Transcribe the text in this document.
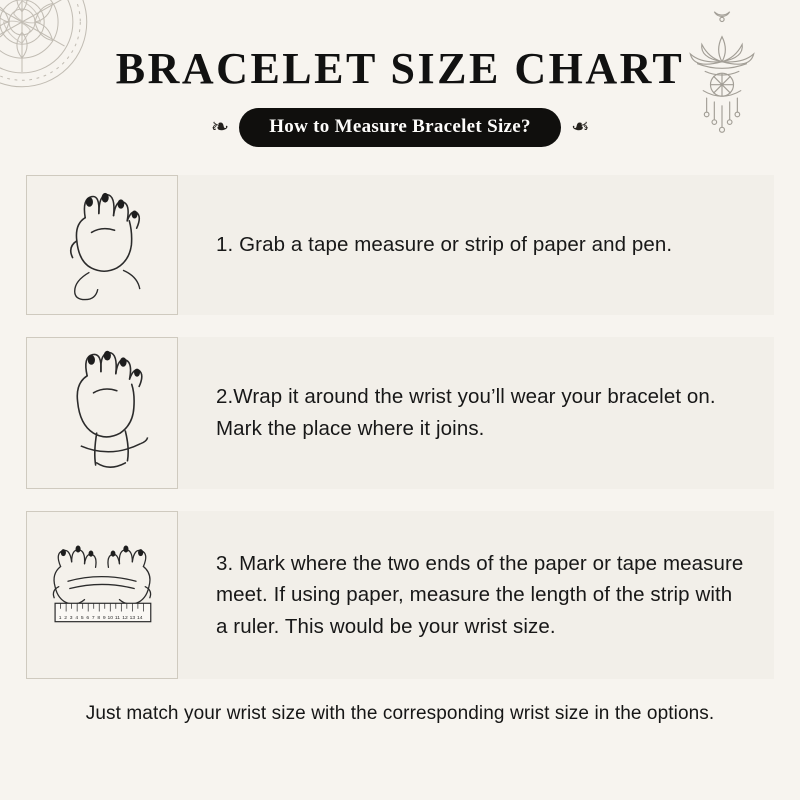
BRACELET SIZE CHART
❧	How to Measure Bracelet Size?	❧
1. Grab a tape measure or strip of paper and pen.
2.Wrap it around the wrist you’ll wear your bracelet on. Mark the place where it joins.
1 2 3 4 5 6 7 8 9 10 11 12 13 14
3. Mark where the two ends of the paper or tape measure meet. If using paper, measure the length of the strip with a ruler. This would be your wrist size.
Just match your wrist size with the corresponding wrist size in the options.
